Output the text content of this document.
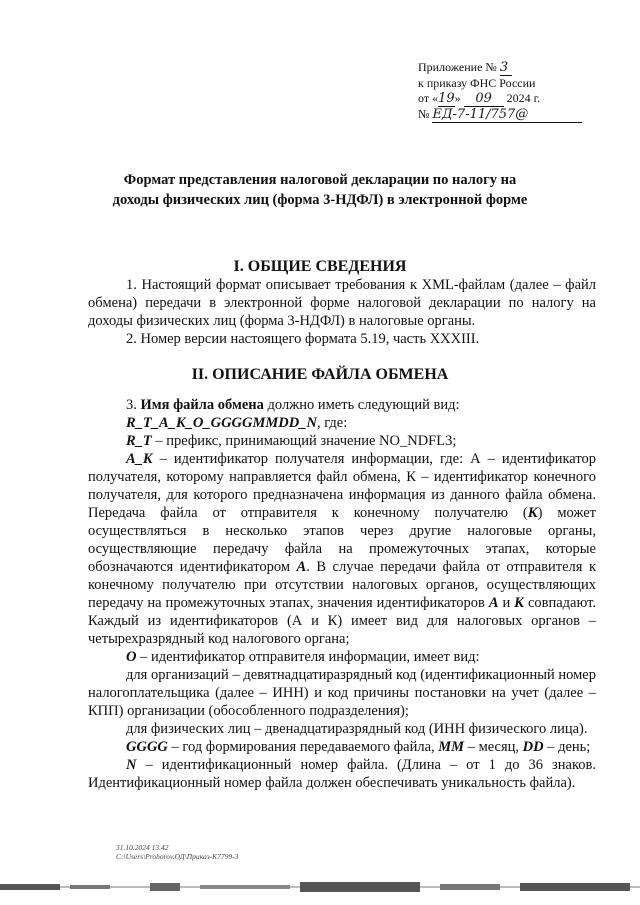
Приложение № 3
к приказу ФНС России
от «19» 09 2024 г.
№ ЕД-7-11/757@
Формат представления налоговой декларации по налогу на доходы физических лиц (форма 3-НДФЛ) в электронной форме
I. ОБЩИЕ СВЕДЕНИЯ

1. Настоящий формат описывает требования к XML-файлам (далее – файл обмена) передачи в электронной форме налоговой декларации по налогу на доходы физических лиц (форма 3-НДФЛ) в налоговые органы.

2. Номер версии настоящего формата 5.19, часть XXXIII.

II. ОПИСАНИЕ ФАЙЛА ОБМЕНА

3. Имя файла обмена должно иметь следующий вид:

R_T_A_K_O_GGGGMMDD_N, где:

R_T – префикс, принимающий значение NO_NDFL3;

A_K – идентификатор получателя информации, где: А – идентификатор получателя, которому направляется файл обмена, К – идентификатор конечного получателя, для которого предназначена информация из данного файла обмена. Передача файла от отправителя к конечному получателю (К) может осуществляться в несколько этапов через другие налоговые органы, осуществляющие передачу файла на промежуточных этапах, которые обозначаются идентификатором А. В случае передачи файла от отправителя к конечному получателю при отсутствии налоговых органов, осуществляющих передачу на промежуточных этапах, значения идентификаторов А и К совпадают. Каждый из идентификаторов (А и К) имеет вид для налоговых органов – четырехразрядный код налогового органа;

O – идентификатор отправителя информации, имеет вид:

для организаций – девятнадцатиразрядный код (идентификационный номер налогоплательщика (далее – ИНН) и код причины постановки на учет (далее – КПП) организации (обособленного подразделения);

для физических лиц – двенадцатиразрядный код (ИНН физического лица).

GGGG – год формирования передаваемого файла, MM – месяц, DD – день;

N – идентификационный номер файла. (Длина – от 1 до 36 знаков. Идентификационный номер файла должен обеспечивать уникальность файла).

31.10.2024 13.42
С:\Users\Prohorov.ОД\Приказ-K7799-3
